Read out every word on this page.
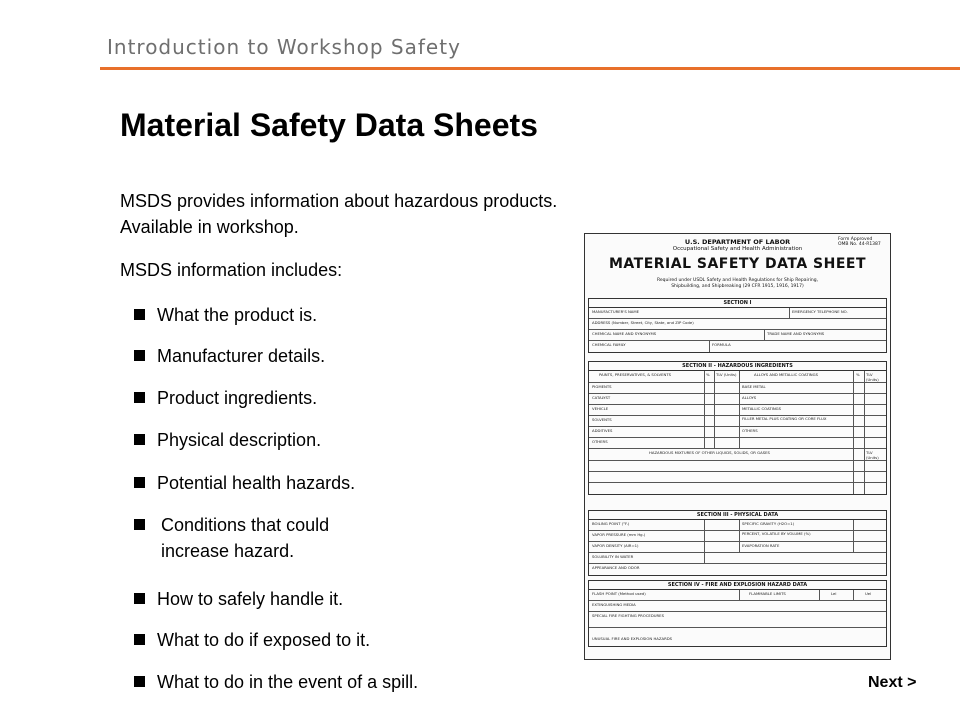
Introduction to Workshop Safety
Material Safety Data Sheets
MSDS provides information about hazardous products.
Available in workshop.
MSDS information includes:
What the product is.
Manufacturer details.
Product ingredients.
Physical description.
Potential health hazards.
Conditions that could increase hazard.
How to safely handle it.
What to do if exposed to it.
What to do in the event of a spill.
Form Approved OMB No. 44-R1387
U.S. DEPARTMENT OF LABOR
Occupational Safety and Health Administration
MATERIAL SAFETY DATA SHEET
Required under USDL Safety and Health Regulations for Ship Repairing, Shipbuilding, and Shipbreaking (29 CFR 1915, 1916, 1917)
SECTION I
MANUFACTURER'S NAME	EMERGENCY TELEPHONE NO.
ADDRESS (Number, Street, City, State, and ZIP Code)
CHEMICAL NAME AND SYNONYMS	TRADE NAME AND SYNONYMS
CHEMICAL FAMILY	FORMULA
SECTION II - HAZARDOUS INGREDIENTS
PAINTS, PRESERVATIVES, & SOLVENTS	% TLV (Units)	ALLOYS AND METALLIC COATINGS	% TLV (Units)
PIGMENTS	BASE METAL
CATALYST	ALLOYS
VEHICLE	METALLIC COATINGS
SOLVENTS	FILLER METAL PLUS COATING OR CORE FLUX
ADDITIVES	OTHERS
OTHERS
HAZARDOUS MIXTURES OF OTHER LIQUIDS, SOLIDS, OR GASES	TLV (Units)
SECTION III - PHYSICAL DATA
BOILING POINT (°F.)	SPECIFIC GRAVITY (H2O=1)
VAPOR PRESSURE (mm Hg.)	PERCENT, VOLATILE BY VOLUME (%)
VAPOR DENSITY (AIR=1)	EVAPORATION RATE
SOLUBILITY IN WATER
APPEARANCE AND ODOR
SECTION IV - FIRE AND EXPLOSION HAZARD DATA
FLASH POINT (Method used)	FLAMMABLE LIMITS	Lel	Uel
EXTINGUISHING MEDIA
SPECIAL FIRE FIGHTING PROCEDURES
UNUSUAL FIRE AND EXPLOSION HAZARDS
Next >
